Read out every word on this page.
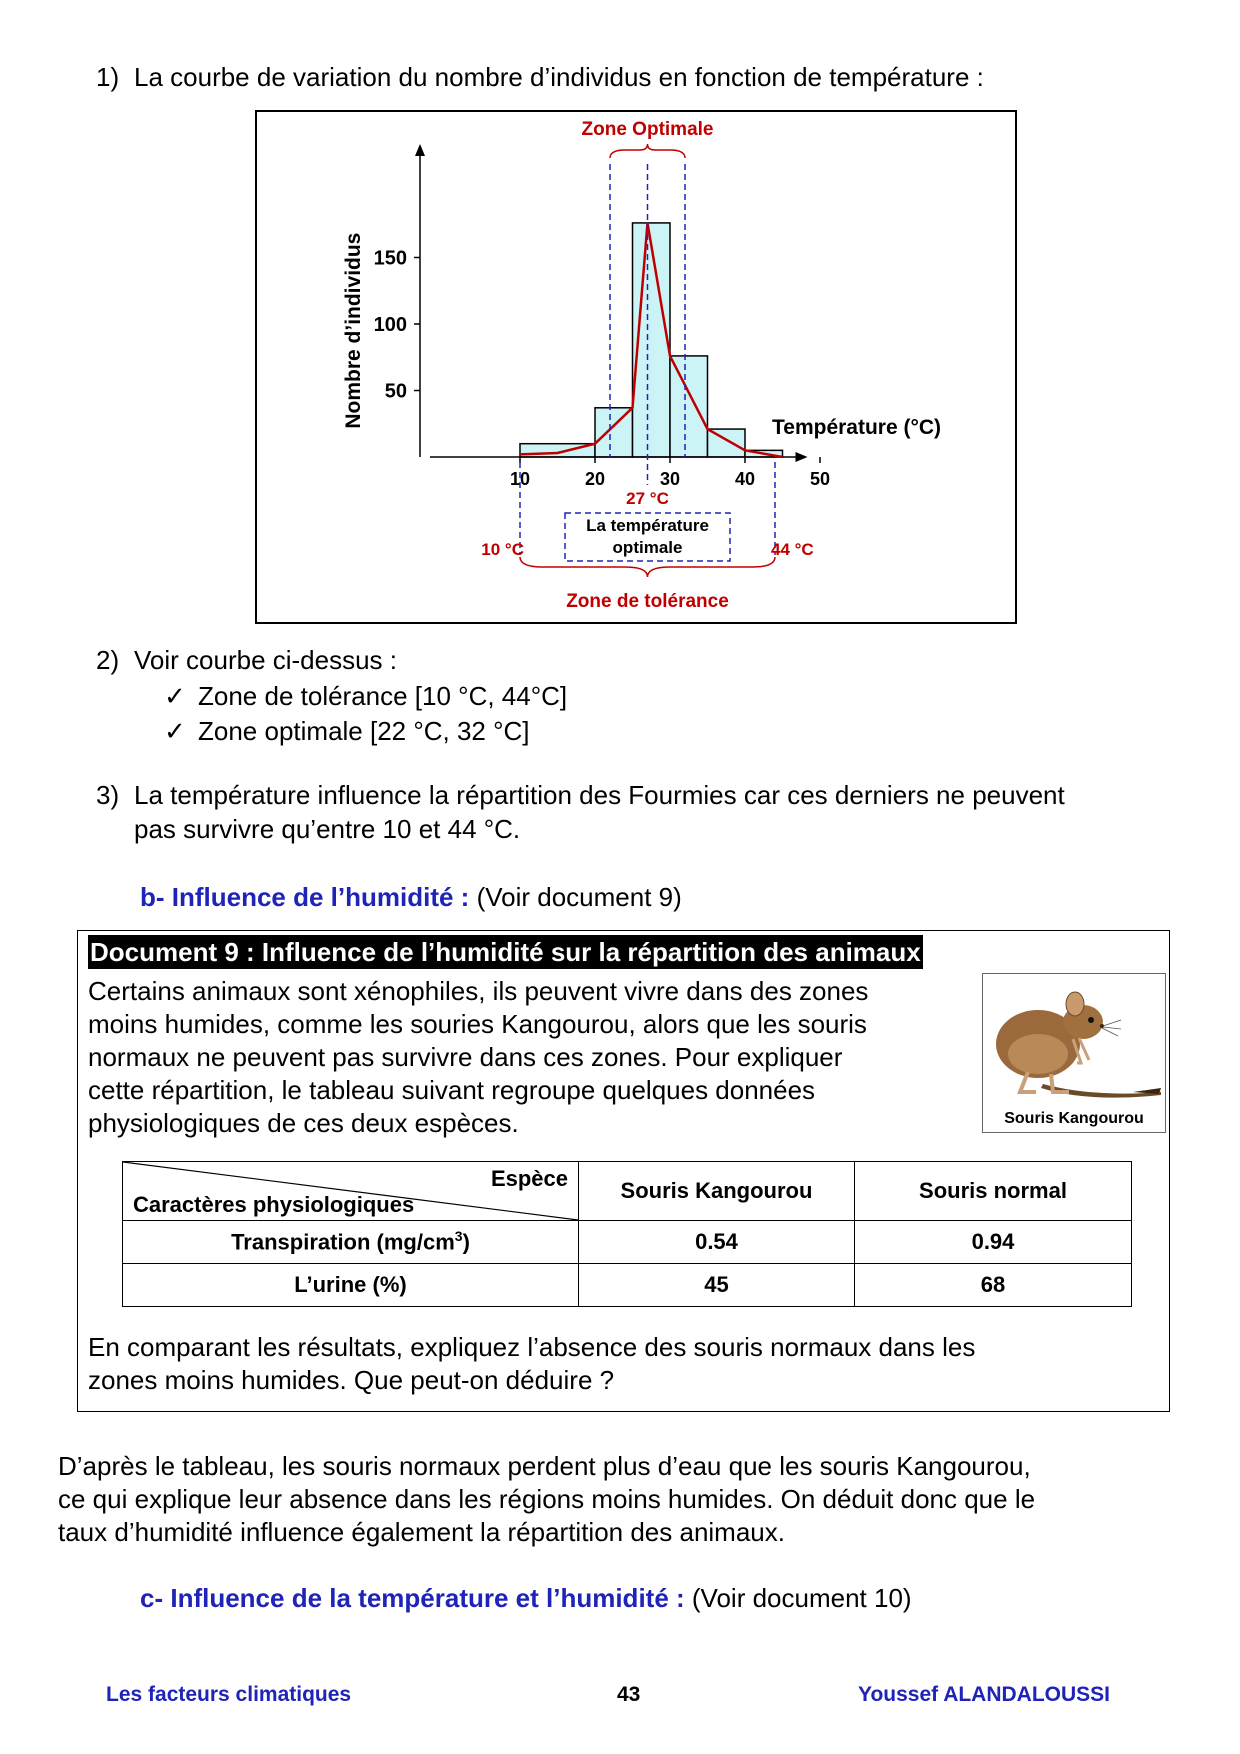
1) La courbe de variation du nombre d’individus en fonction de température :
50
100
150
10	20	30	40	50
Nombre d’individus	Température (°C)
Zone Optimale
Zone de tolérance
27 °C
La température
optimale
10 °C	44 °C
2) Voir courbe ci-dessus :
✓ Zone de tolérance [10 °C, 44°C]
✓ Zone optimale [22 °C, 32 °C]
3) La température influence la répartition des Fourmies car ces derniers ne peuvent
pas survivre qu’entre 10 et 44 °C.
b- Influence de l’humidité : (Voir document 9)
Document 9 : Influence de l’humidité sur la répartition des animaux
Certains animaux sont xénophiles, ils peuvent vivre dans des zones
moins humides, comme les souries Kangourou, alors que les souris
normaux ne peuvent pas survivre dans ces zones. Pour expliquer
cette répartition, le tableau suivant regroupe quelques données
physiologiques de ces deux espèces.	Souris Kangourou
Espèce
Caractères physiologiques	Souris Kangourou	Souris normal
Transpiration $(mg/cm^3)$	0.54	0.94
L’urine (%)	45	68
En comparant les résultats, expliquez l’absence des souris normaux dans les
zones moins humides. Que peut-on déduire ?
D’après le tableau, les souris normaux perdent plus d’eau que les souris Kangourou,
ce qui explique leur absence dans les régions moins humides. On déduit donc que le
taux d’humidité influence également la répartition des animaux.
c- Influence de la température et l’humidité : (Voir document 10)
Les facteurs climatiques	43	Youssef ALANDALOUSSI
